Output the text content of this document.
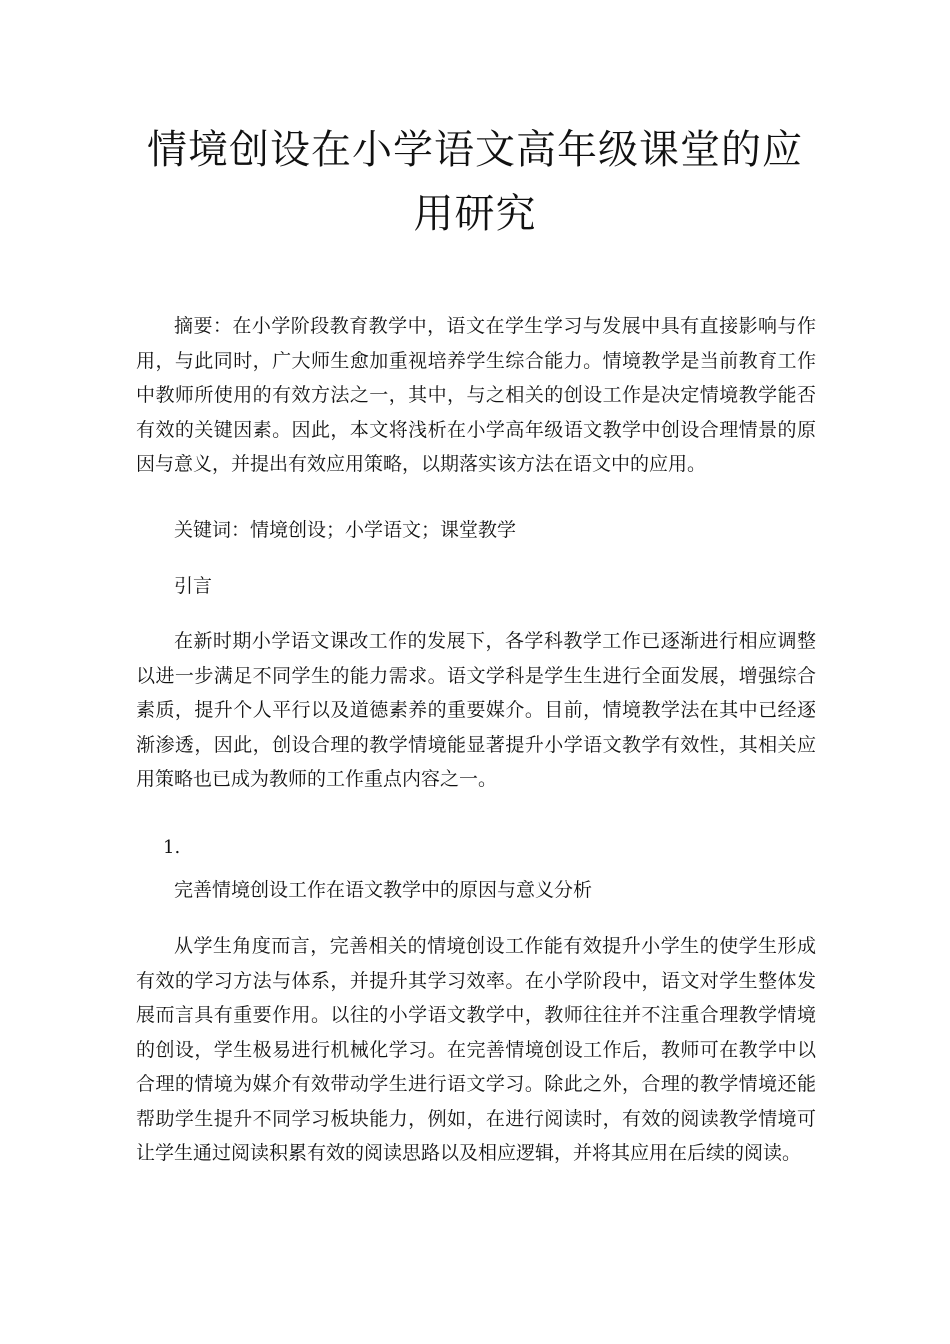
情境创设在小学语文高年级课堂的应用研究

摘要：在小学阶段教育教学中，语文在学生学习与发展中具有直接影响与作用，与此同时，广大师生愈加重视培养学生综合能力。情境教学是当前教育工作中教师所使用的有效方法之一，其中，与之相关的创设工作是决定情境教学能否有效的关键因素。因此，本文将浅析在小学高年级语文教学中创设合理情景的原因与意义，并提出有效应用策略，以期落实该方法在语文中的应用。

关键词：情境创设；小学语文；课堂教学

引言

在新时期小学语文课改工作的发展下，各学科教学工作已逐渐进行相应调整以进一步满足不同学生的能力需求。语文学科是学生生进行全面发展，增强综合素质，提升个人平行以及道德素养的重要媒介。目前，情境教学法在其中已经逐渐渗透，因此，创设合理的教学情境能显著提升小学语文教学有效性，其相关应用策略也已成为教师的工作重点内容之一。

1.

完善情境创设工作在语文教学中的原因与意义分析

从学生角度而言，完善相关的情境创设工作能有效提升小学生的使学生形成有效的学习方法与体系，并提升其学习效率。在小学阶段中，语文对学生整体发展而言具有重要作用。以往的小学语文教学中，教师往往并不注重合理教学情境的创设，学生极易进行机械化学习。在完善情境创设工作后，教师可在教学中以合理的情境为媒介有效带动学生进行语文学习。除此之外，合理的教学情境还能帮助学生提升不同学习板块能力，例如，在进行阅读时，有效的阅读教学情境可让学生通过阅读积累有效的阅读思路以及相应逻辑，并将其应用在后续的阅读。
